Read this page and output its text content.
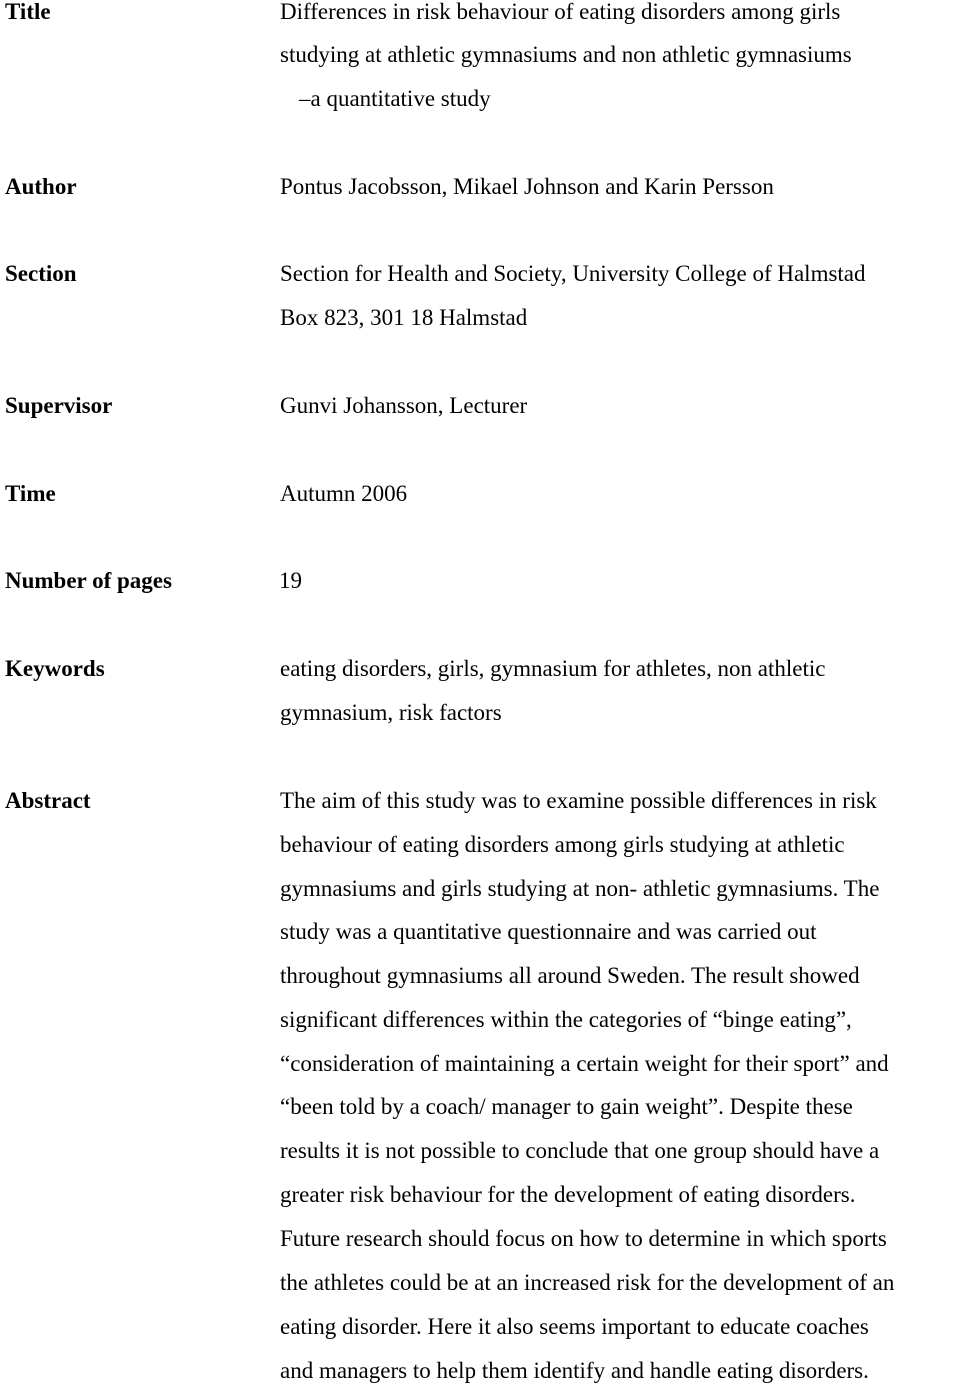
Title	Differences in risk behaviour of eating disorders among girls
studying at athletic gymnasiums and non athletic gymnasiums
–a quantitative study
Author	Pontus Jacobsson, Mikael Johnson and Karin Persson
Section	Section for Health and Society, University College of Halmstad
Box 823, 301 18 Halmstad
Supervisor	Gunvi Johansson, Lecturer
Time	Autumn 2006
Number of pages	19
Keywords	eating disorders, girls, gymnasium for athletes, non athletic
gymnasium, risk factors
Abstract	The aim of this study was to examine possible differences in risk
behaviour of eating disorders among girls studying at athletic
gymnasiums and girls studying at non- athletic gymnasiums. The
study was a quantitative questionnaire and was carried out
throughout gymnasiums all around Sweden. The result showed
significant differences within the categories of “binge eating”,
“consideration of maintaining a certain weight for their sport” and
“been told by a coach/ manager to gain weight”. Despite these
results it is not possible to conclude that one group should have a
greater risk behaviour for the development of eating disorders.
Future research should focus on how to determine in which sports
the athletes could be at an increased risk for the development of an
eating disorder. Here it also seems important to educate coaches
and managers to help them identify and handle eating disorders.
